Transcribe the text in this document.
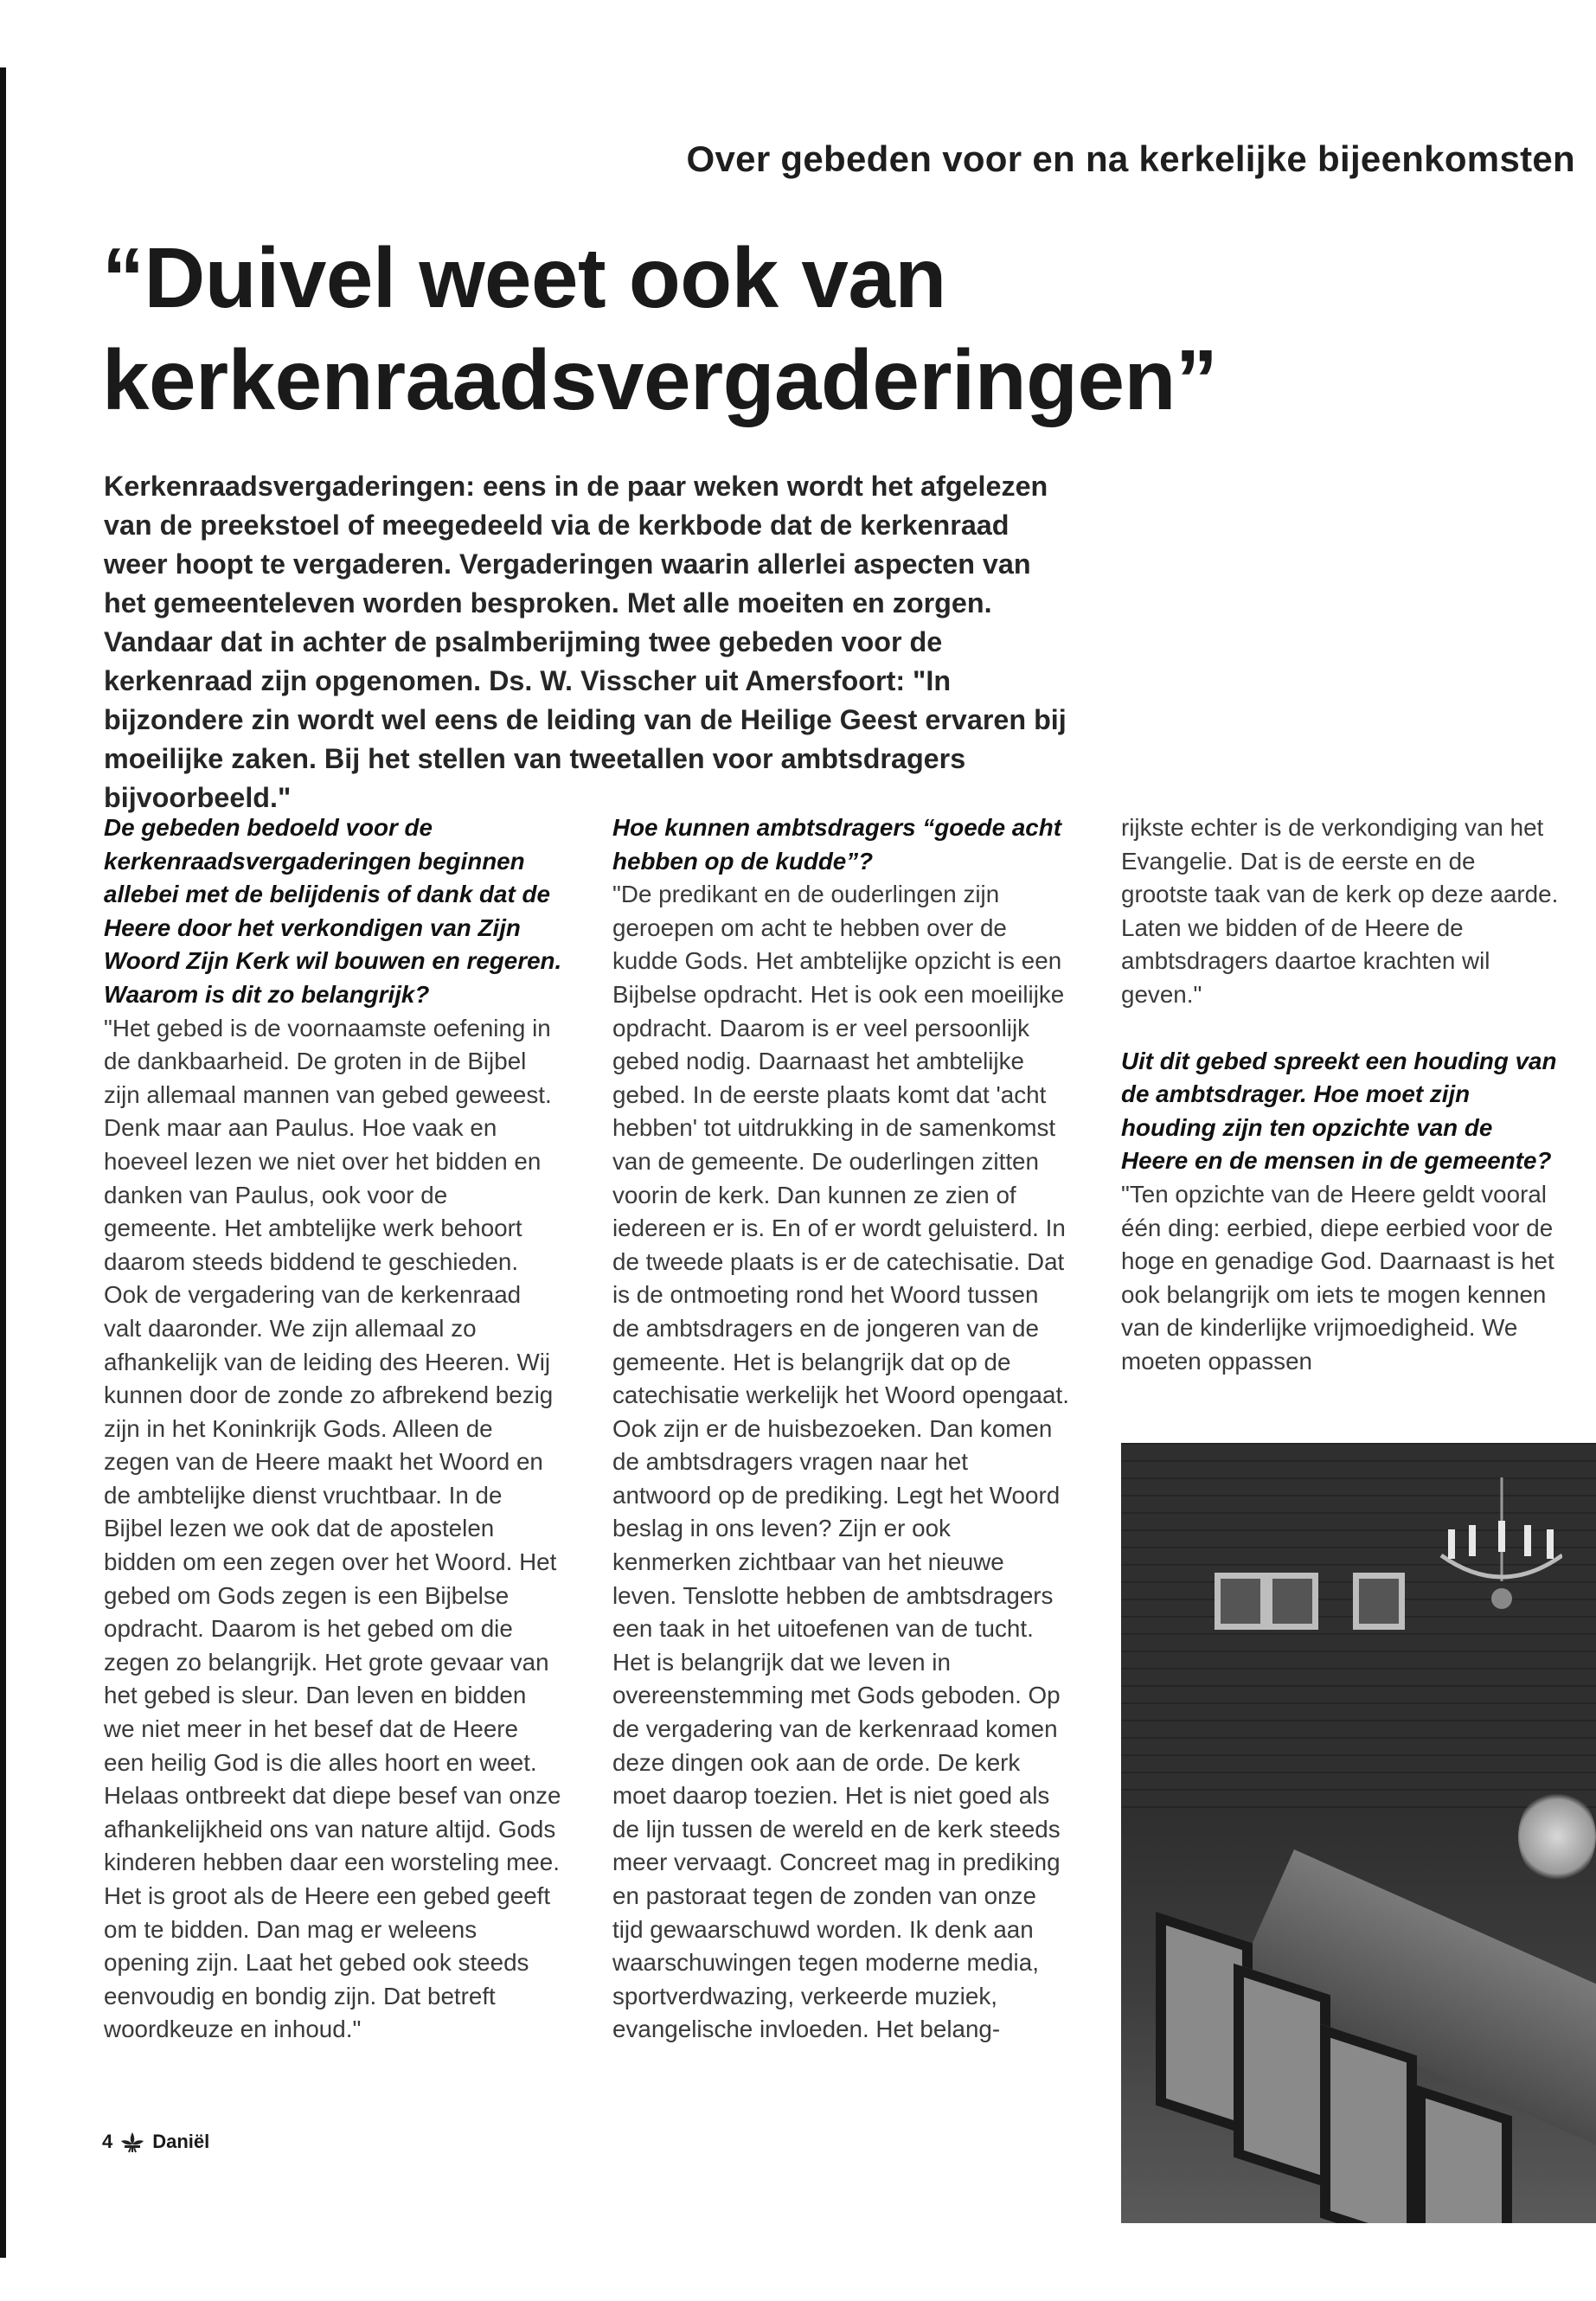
Over gebeden voor en na kerkelijke bijeenkomsten
“Duivel weet ook van
kerkenraadsvergaderingen”

Kerkenraadsvergaderingen: eens in de paar weken wordt het afgelezen van de preekstoel of meegedeeld via de kerkbode dat de kerkenraad weer hoopt te vergaderen. Vergaderingen waarin allerlei aspecten van het gemeenteleven worden besproken. Met alle moeiten en zorgen. Vandaar dat in achter de psalmberijming twee gebeden voor de kerkenraad zijn opgenomen. Ds. W. Visscher uit Amersfoort: "In bijzondere zin wordt wel eens de leiding van de Heilige Geest ervaren bij moeilijke zaken. Bij het stellen van tweetallen voor ambtsdragers bijvoorbeeld."

De gebeden bedoeld voor de kerkenraadsvergaderingen beginnen allebei met de belijdenis of dank dat de Heere door het verkondigen van Zijn Woord Zijn Kerk wil bouwen en regeren. Waarom is dit zo belangrijk?

"Het gebed is de voornaamste oefening in de dankbaarheid. De groten in de Bijbel zijn allemaal mannen van gebed geweest. Denk maar aan Paulus. Hoe vaak en hoeveel lezen we niet over het bidden en danken van Paulus, ook voor de gemeente. Het ambtelijke werk behoort daarom steeds biddend te geschieden. Ook de vergadering van de kerkenraad valt daaronder. We zijn allemaal zo afhankelijk van de leiding des Heeren. Wij kunnen door de zonde zo afbrekend bezig zijn in het Koninkrijk Gods. Alleen de zegen van de Heere maakt het Woord en de ambtelijke dienst vruchtbaar. In de Bijbel lezen we ook dat de apostelen bidden om een zegen over het Woord. Het gebed om Gods zegen is een Bijbelse opdracht. Daarom is het gebed om die zegen zo belangrijk. Het grote gevaar van het gebed is sleur. Dan leven en bidden we niet meer in het besef dat de Heere een heilig God is die alles hoort en weet. Helaas ontbreekt dat diepe besef van onze afhankelijkheid ons van nature altijd. Gods kinderen hebben daar een worsteling mee. Het is groot als de Heere een gebed geeft om te bidden. Dan mag er weleens opening zijn. Laat het gebed ook steeds eenvoudig en bondig zijn. Dat betreft woordkeuze en inhoud."

Hoe kunnen ambtsdragers “goede acht hebben op de kudde”?

"De predikant en de ouderlingen zijn geroepen om acht te hebben over de kudde Gods. Het ambtelijke opzicht is een Bijbelse opdracht. Het is ook een moeilijke opdracht. Daarom is er veel persoonlijk gebed nodig. Daarnaast het ambtelijke gebed. In de eerste plaats komt dat 'acht hebben' tot uitdrukking in de samenkomst van de gemeente. De ouderlingen zitten voorin de kerk. Dan kunnen ze zien of iedereen er is. En of er wordt geluisterd. In de tweede plaats is er de catechisatie. Dat is de ontmoeting rond het Woord tussen de ambtsdragers en de jongeren van de gemeente. Het is belangrijk dat op de catechisatie werkelijk het Woord opengaat. Ook zijn er de huisbezoeken. Dan komen de ambtsdragers vragen naar het antwoord op de prediking. Legt het Woord beslag in ons leven? Zijn er ook kenmerken zichtbaar van het nieuwe leven. Tenslotte hebben de ambtsdragers een taak in het uitoefenen van de tucht. Het is belangrijk dat we leven in overeenstemming met Gods geboden. Op de vergadering van de kerkenraad komen deze dingen ook aan de orde. De kerk moet daarop toezien. Het is niet goed als de lijn tussen de wereld en de kerk steeds meer vervaagt. Concreet mag in prediking en pastoraat tegen de zonden van onze tijd gewaarschuwd worden. Ik denk aan waarschuwingen tegen moderne media, sportverdwazing, verkeerde muziek, evangelische invloeden. Het belang-

rijkste echter is de verkondiging van het Evangelie. Dat is de eerste en de grootste taak van de kerk op deze aarde. Laten we bidden of de Heere de ambtsdragers daartoe krachten wil geven."

Uit dit gebed spreekt een houding van de ambtsdrager. Hoe moet zijn houding zijn ten opzichte van de Heere en de mensen in de gemeente?

"Ten opzichte van de Heere geldt vooral één ding: eerbied, diepe eerbied voor de hoge en genadige God. Daarnaast is het ook belangrijk om iets te mogen kennen van de kinderlijke vrijmoedigheid. We moeten oppassen

4 Daniël
